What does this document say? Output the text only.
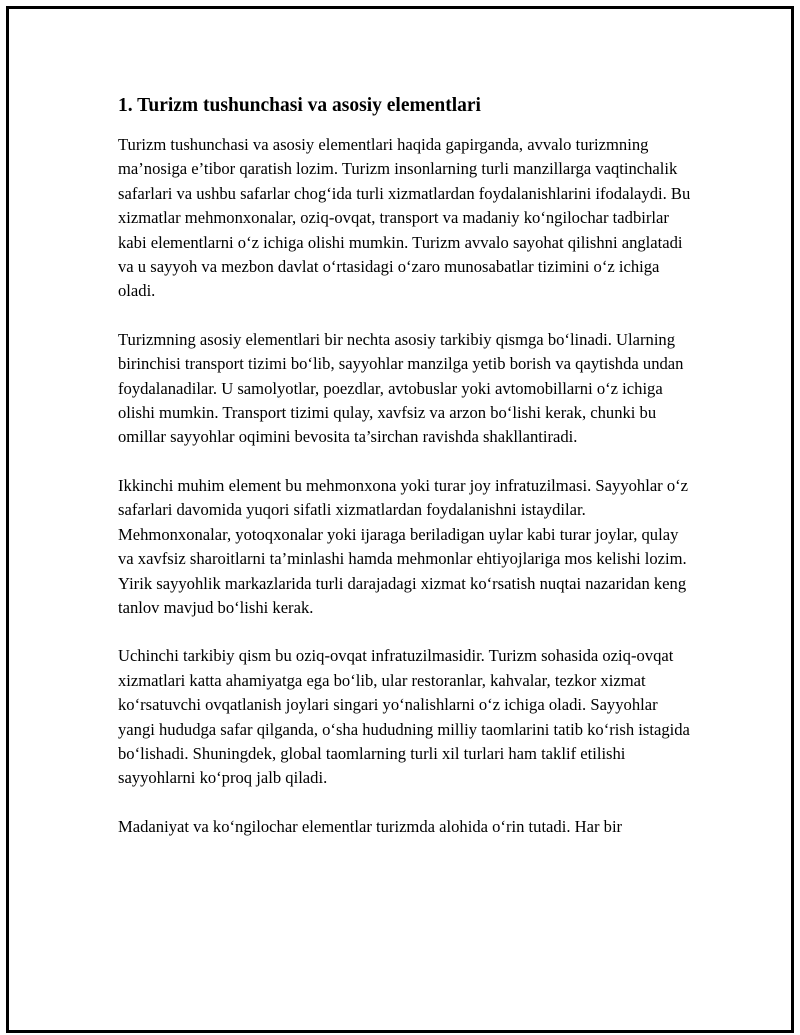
1. Turizm tushunchasi va asosiy elementlari

Turizm tushunchasi va asosiy elementlari haqida gapirganda, avvalo turizmning ma’nosiga e’tibor qaratish lozim. Turizm insonlarning turli manzillarga vaqtinchalik safarlari va ushbu safarlar chog‘ida turli xizmatlardan foydalanishlarini ifodalaydi. Bu xizmatlar mehmonxonalar, oziq-ovqat, transport va madaniy ko‘ngilochar tadbirlar kabi elementlarni o‘z ichiga olishi mumkin. Turizm avvalo sayohat qilishni anglatadi va u sayyoh va mezbon davlat o‘rtasidagi o‘zaro munosabatlar tizimini o‘z ichiga oladi.

Turizmning asosiy elementlari bir nechta asosiy tarkibiy qismga bo‘linadi. Ularning birinchisi transport tizimi bo‘lib, sayyohlar manzilga yetib borish va qaytishda undan foydalanadilar. U samolyotlar, poezdlar, avtobuslar yoki avtomobillarni o‘z ichiga olishi mumkin. Transport tizimi qulay, xavfsiz va arzon bo‘lishi kerak, chunki bu omillar sayyohlar oqimini bevosita ta’sirchan ravishda shakllantiradi.

Ikkinchi muhim element bu mehmonxona yoki turar joy infratuzilmasi. Sayyohlar o‘z safarlari davomida yuqori sifatli xizmatlardan foydalanishni istaydilar. Mehmonxonalar, yotoqxonalar yoki ijaraga beriladigan uylar kabi turar joylar, qulay va xavfsiz sharoitlarni ta’minlashi hamda mehmonlar ehtiyojlariga mos kelishi lozim. Yirik sayyohlik markazlarida turli darajadagi xizmat ko‘rsatish nuqtai nazaridan keng tanlov mavjud bo‘lishi kerak.

Uchinchi tarkibiy qism bu oziq-ovqat infratuzilmasidir. Turizm sohasida oziq-ovqat xizmatlari katta ahamiyatga ega bo‘lib, ular restoranlar, kahvalar, tezkor xizmat ko‘rsatuvchi ovqatlanish joylari singari yo‘nalishlarni o‘z ichiga oladi. Sayyohlar yangi hududga safar qilganda, o‘sha hududning milliy taomlarini tatib ko‘rish istagida bo‘lishadi. Shuningdek, global taomlarning turli xil turlari ham taklif etilishi sayyohlarni ko‘proq jalb qiladi.

Madaniyat va ko‘ngilochar elementlar turizmda alohida o‘rin tutadi. Har bir
